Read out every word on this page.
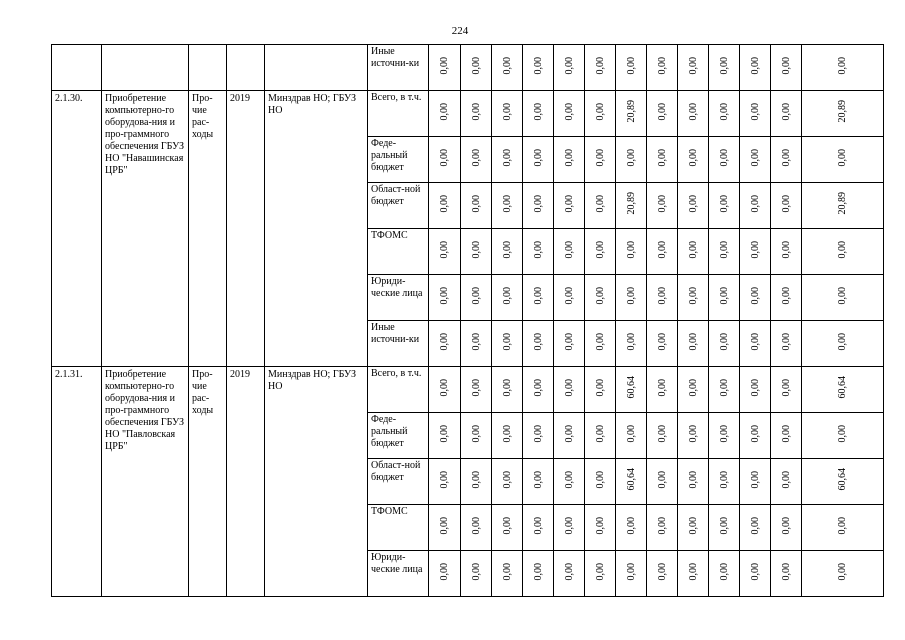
224
					Иные источни-ки	0,00	0,00	0,00	0,00	0,00	0,00	0,00	0,00	0,00	0,00	0,00	0,00	0,00
2.1.30.	Приобретение компьютерно-го оборудова-ния и про-граммного обеспечения ГБУЗ НО "Навашинская ЦРБ"	Про-чие рас-ходы	2019	Минздрав НО; ГБУЗ НО	Всего, в т.ч.	0,00	0,00	0,00	0,00	0,00	0,00	20,89	0,00	0,00	0,00	0,00	0,00	20,89
					Феде-ральный бюджет	0,00	0,00	0,00	0,00	0,00	0,00	0,00	0,00	0,00	0,00	0,00	0,00	0,00
					Област-ной бюджет	0,00	0,00	0,00	0,00	0,00	0,00	20,89	0,00	0,00	0,00	0,00	0,00	20,89
					ТФОМС	0,00	0,00	0,00	0,00	0,00	0,00	0,00	0,00	0,00	0,00	0,00	0,00	0,00
					Юриди-ческие лица	0,00	0,00	0,00	0,00	0,00	0,00	0,00	0,00	0,00	0,00	0,00	0,00	0,00
					Иные источни-ки	0,00	0,00	0,00	0,00	0,00	0,00	0,00	0,00	0,00	0,00	0,00	0,00	0,00
2.1.31.	Приобретение компьютерно-го оборудова-ния и про-граммного обеспечения ГБУЗ НО "Павловская ЦРБ"	Про-чие рас-ходы	2019	Минздрав НО; ГБУЗ НО	Всего, в т.ч.	0,00	0,00	0,00	0,00	0,00	0,00	60,64	0,00	0,00	0,00	0,00	0,00	60,64
					Феде-ральный бюджет	0,00	0,00	0,00	0,00	0,00	0,00	0,00	0,00	0,00	0,00	0,00	0,00	0,00
					Област-ной бюджет	0,00	0,00	0,00	0,00	0,00	0,00	60,64	0,00	0,00	0,00	0,00	0,00	60,64
					ТФОМС	0,00	0,00	0,00	0,00	0,00	0,00	0,00	0,00	0,00	0,00	0,00	0,00	0,00
					Юриди-ческие лица	0,00	0,00	0,00	0,00	0,00	0,00	0,00	0,00	0,00	0,00	0,00	0,00	0,00
